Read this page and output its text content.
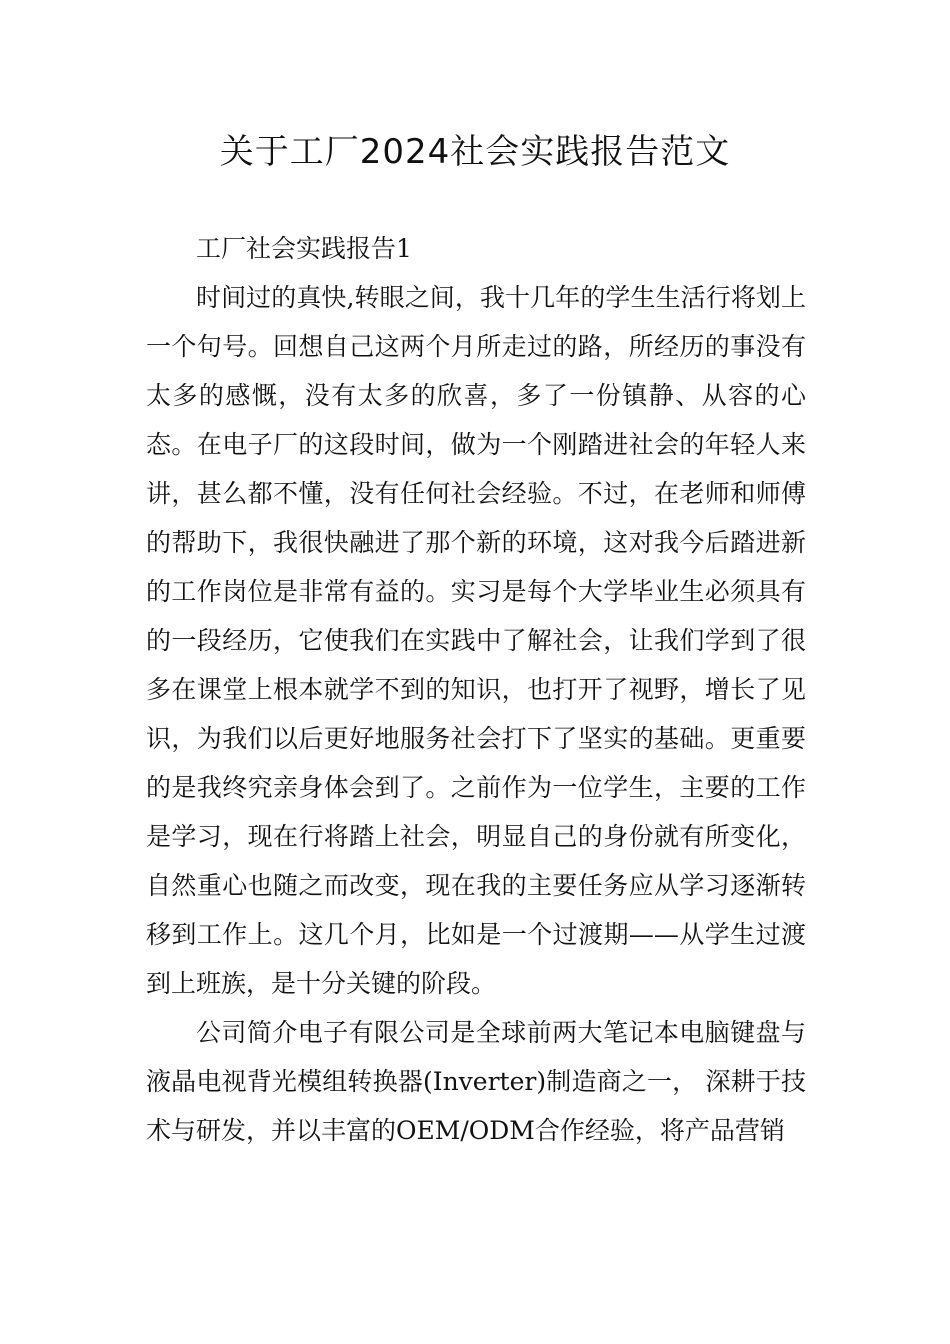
关于工厂2024社会实践报告范文

工厂社会实践报告1

时间过的真快,转眼之间，我十几年的学生生活行将划上一个句号。回想自己这两个月所走过的路，所经历的事没有太多的感慨，没有太多的欣喜，多了一份镇静、从容的心态。在电子厂的这段时间，做为一个刚踏进社会的年轻人来讲，甚么都不懂，没有任何社会经验。不过，在老师和师傅的帮助下，我很快融进了那个新的环境，这对我今后踏进新的工作岗位是非常有益的。实习是每个大学毕业生必须具有的一段经历，它使我们在实践中了解社会，让我们学到了很多在课堂上根本就学不到的知识，也打开了视野，增长了见识，为我们以后更好地服务社会打下了坚实的基础。更重要的是我终究亲身体会到了。之前作为一位学生，主要的工作是学习，现在行将踏上社会，明显自己的身份就有所变化，自然重心也随之而改变，现在我的主要任务应从学习逐渐转移到工作上。这几个月，比如是一个过渡期——从学生过渡到上班族，是十分关键的阶段。

公司简介电子有限公司是全球前两大笔记本电脑键盘与液晶电视背光模组转换器(Inverter)制造商之一， 深耕于技术与研发，并以丰富的OEM/ODM合作经验，将产品营销
